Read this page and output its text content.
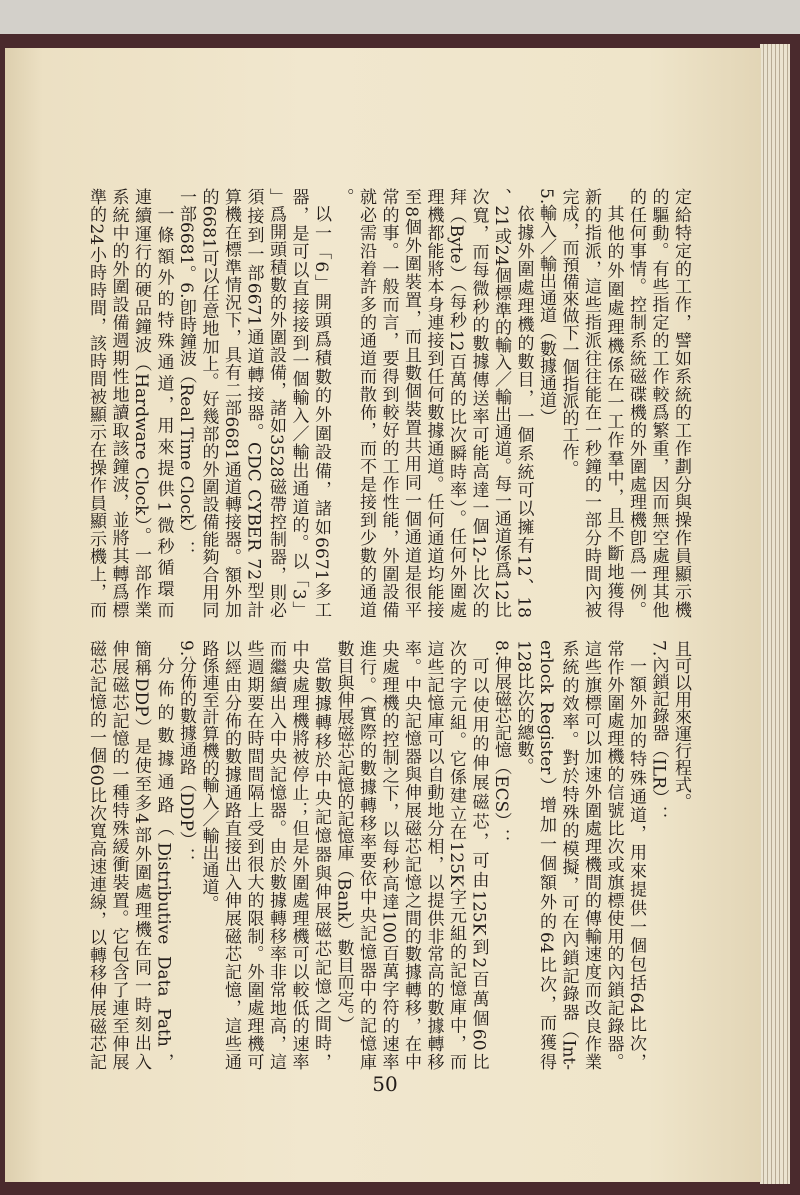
定給特定的工作，譬如系統的工作劃分與操作員顯示機
的驅動。有些指定的工作較爲繁重，因而無空處理其他
的任何事情。控制系統磁碟機的外圍處理機卽爲一例。
其他的外圍處理機係在一工作羣中，且不斷地獲得
新的指派，這些指派往往能在一秒鐘的一部分時間內被
完成，而預備來做下一個指派的工作。
5.輸入／輸出通道（數據通道）
依據外圍處理機的數目，一個系統可以擁有12、18
、21或24個標準的輸入／輸出通道。每一通道係爲12比
次寬，而每微秒的數據傳送率可能高達一個12-比次的
拜（Byte）（每秒12百萬的比次瞬時率）。任何外圍處
理機都能將本身連接到任何數據通道。任何通道均能接
至8個外圍裝置，而且數個裝置共用同一個通道是很平
常的事。一般而言，要得到較好的工作性能，外圍設備
就必需沿着許多的通道而散佈，而不是接到少數的通道
。
以一「6」開頭爲積數的外圍設備，諸如6671多工
器，是可以直接接到一個輸入／輸出通道的。以「3」
」爲開頭積數的外圍設備，諸如3528磁帶控制器，則必
須接到一部6671通道轉接器。CDC CYBER 72型計
算機在標準情況下，具有二部6681通道轉接器。額外加
的6681可以任意地加上。好幾部的外圍設備能夠合用同
一部6681。6.卽時鐘波（Real Time Clock）：
一條額外的特殊通道，用來提供1微秒循環而
連續運行的硬品鐘波（Hardware Clock）。一部作業
系統中的外圍設備週期性地讀取該鐘波，並將其轉爲標
準的24小時時間，該時間被顯示在操作員顯示機上，而
且可以用來運行程式。
7.內鎖記錄器（ILR）：
一額外加的特殊通道，用來提供一個包括64比次，
常作外圍處理機的信號比次或旗標使用的內鎖記錄器。
這些旗標可以加速外圍處理機間的傳輸速度而改良作業
系統的效率。對於特殊的模擬，可在內鎖記錄器（Int-
erlock Register）增加一個額外的64比次，而獲得
128比次的總數。
8.伸展磁芯記憶（ECS）：
可以使用的伸展磁芯，可由125K到2百萬個60比
次的字元組。它係建立在125K字元組的記憶庫中，而
這些記憶庫可以自動地分相，以提供非常高的數據轉移
率。中央記憶器與伸展磁芯記憶之間的數據轉移，在中
央處理機的控制之下，以每秒高達100百萬字符的速率
進行。（實際的數據轉移率要依中央記憶器中的記憶庫
數目與伸展磁芯記憶的記憶庫（Bank）數目而定。）
當數據轉移於中央記憶器與伸展磁芯記憶之間時，
中央處理機將被停止；但是外圍處理機可以較低的速率
而繼續出入中央記憶器。由於數據轉移率非常地高，這
些週期要在時間間隔上受到很大的限制。外圍處理機可
以經由分佈的數據通路直接出入伸展磁芯記憶，這些通
路係連至計算機的輸入／輸出通道。
9.分佈的數據通路（DDP）：
分佈的數據通路（Distributive Data Path，
簡稱DDP）是使至多4部外圍處理機在同一時刻出入
伸展磁芯記憶的一種特殊緩衝裝置。它包含了連至伸展
磁芯記憶的一個60比次寬高速連線，以轉移伸展磁芯記
50
